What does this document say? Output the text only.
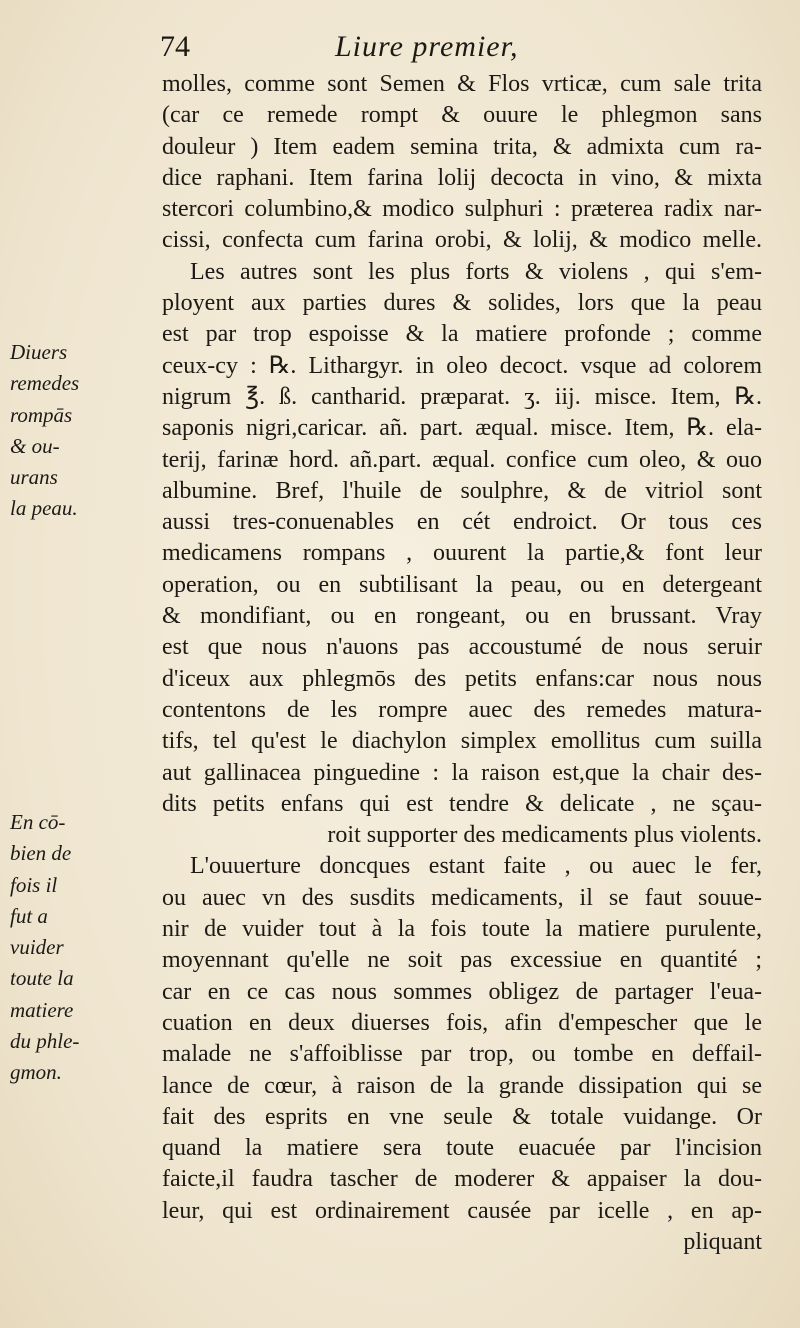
74	Liure premier,
molles, comme sont Semen & Flos vrticæ, cum sale trita
(car ce remede rompt & ouure le phlegmon sans
douleur ) Item eadem semina trita, & admixta cum ra-
dice raphani. Item farina lolij decocta in vino, & mixta
stercori columbino,& modico sulphuri : præterea radix nar-
cissi, confecta cum farina orobi, & lolij, & modico melle.
Les autres sont les plus forts & violens , qui s'em-
ployent aux parties dures & solides, lors que la peau
est par trop espoisse & la matiere profonde ; comme
ceux-cy : ℞. Lithargyr. in oleo decoct. vsque ad colorem
nigrum ℥. ß. cantharid. præparat. ʒ. iij. misce. Item, ℞.
saponis nigri,caricar. añ. part. æqual. misce. Item, ℞. ela-
terij, farinæ hord. añ.part. æqual. confice cum oleo, & ouo
albumine. Bref, l'huile de soulphre, & de vitriol sont
aussi tres-conuenables en cét endroict. Or tous ces
medicamens rompans , ouurent la partie,& font leur
operation, ou en subtilisant la peau, ou en detergeant
& mondifiant, ou en rongeant, ou en brussant. Vray
est que nous n'auons pas accoustumé de nous seruir
d'iceux aux phlegmōs des petits enfans:car nous nous
contentons de les rompre auec des remedes matura-
tifs, tel qu'est le diachylon simplex emollitus cum suilla
aut gallinacea pinguedine : la raison est,que la chair des-
dits petits enfans qui est tendre & delicate , ne sçau-
roit supporter des medicaments plus violents.
L'ouuerture doncques estant faite , ou auec le fer,
ou auec vn des susdits medicaments, il se faut souue-
nir de vuider tout à la fois toute la matiere purulente,
moyennant qu'elle ne soit pas excessiue en quantité ;
car en ce cas nous sommes obligez de partager l'eua-
cuation en deux diuerses fois, afin d'empescher que le
malade ne s'affoiblisse par trop, ou tombe en deffail-
lance de cœur, à raison de la grande dissipation qui se
fait des esprits en vne seule & totale vuidange. Or
quand la matiere sera toute euacuée par l'incision
faicte,il faudra tascher de moderer & appaiser la dou-
leur, qui est ordinairement causée par icelle , en ap-
pliquant
Diuers
remedes
rompās
& ou-
urans
la peau.
En cō-
bien de
fois il
fut a
vuider
toute la
matiere
du phle-
gmon.
